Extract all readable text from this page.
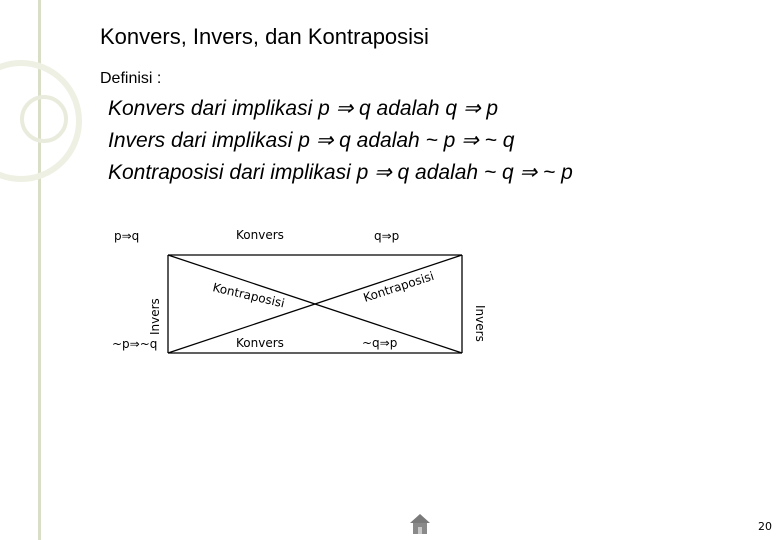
Konvers, Invers, dan Kontraposisi
Definisi :
Konvers dari implikasi p ⇒ q adalah q ⇒ p
Invers dari implikasi p ⇒ q adalah ~ p ⇒ ~ q
Kontraposisi dari implikasi p ⇒ q adalah ~ q ⇒ ~ p
p⇒q	q⇒p
~p⇒~q	~q⇒p
Konvers
Konvers
Invers	Invers
Kontraposisi	Kontraposisi
20
